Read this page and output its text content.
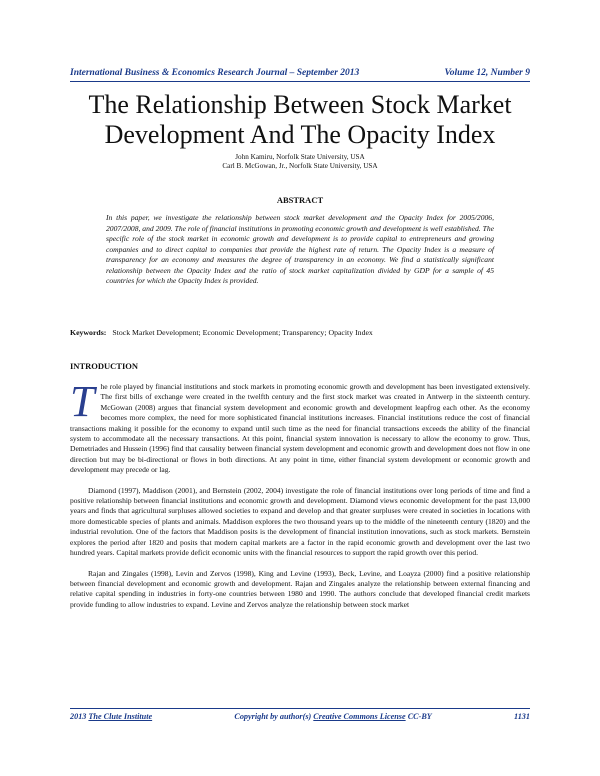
International Business & Economics Research Journal – September 2013	Volume 12, Number 9
The Relationship Between Stock Market Development And The Opacity Index
John Kamiru, Norfolk State University, USA
Carl B. McGowan, Jr., Norfolk State University, USA
ABSTRACT
In this paper, we investigate the relationship between stock market development and the Opacity Index for 2005/2006, 2007/2008, and 2009. The role of financial institutions in promoting economic growth and development is well established. The specific role of the stock market in economic growth and development is to provide capital to entrepreneurs and growing companies and to direct capital to companies that provide the highest rate of return. The Opacity Index is a measure of transparency for an economy and measures the degree of transparency in an economy. We find a statistically significant relationship between the Opacity Index and the ratio of stock market capitalization divided by GDP for a sample of 45 countries for which the Opacity Index is provided.
Keywords: Stock Market Development; Economic Development; Transparency; Opacity Index
INTRODUCTION

T he role played by financial institutions and stock markets in promoting economic growth and development has been investigated extensively. The first bills of exchange were created in the twelfth century and the first stock market was created in Antwerp in the sixteenth century. McGowan (2008) argues that financial system development and economic growth and development leapfrog each other. As the economy becomes more complex, the need for more sophisticated financial institutions increases. Financial institutions reduce the cost of financial transactions making it possible for the economy to expand until such time as the need for financial transactions exceeds the ability of the financial system to accommodate all the necessary transactions. At this point, financial system innovation is necessary to allow the economy to grow. Thus, Demetriades and Hussein (1996) find that causality between financial system development and economic growth and development does not flow in one direction but may be bi-directional or flows in both directions. At any point in time, either financial system development or economic growth and development may precede or lag.

Diamond (1997), Maddison (2001), and Bernstein (2002, 2004) investigate the role of financial institutions over long periods of time and find a positive relationship between financial institutions and economic growth and development. Diamond views economic development for the past 13,000 years and finds that agricultural surpluses allowed societies to expand and develop and that greater surpluses were created in societies in locations with more domesticable species of plants and animals. Maddison explores the two thousand years up to the middle of the nineteenth century (1820) and the industrial revolution. One of the factors that Maddison posits is the development of financial institution innovations, such as stock markets. Bernstein explores the period after 1820 and posits that modern capital markets are a factor in the rapid economic growth and development over the last two hundred years. Capital markets provide deficit economic units with the financial resources to support the rapid growth over this period.

Rajan and Zingales (1998), Levin and Zervos (1998), King and Levine (1993), Beck, Levine, and Loayza (2000) find a positive relationship between financial development and economic growth and development. Rajan and Zingales analyze the relationship between external financing and relative capital spending in industries in forty-one countries between 1980 and 1990. The authors conclude that developed financial credit markets provide funding to allow industries to expand. Levine and Zervos analyze the relationship between stock market

2013 The Clute Institute	Copyright by author(s) Creative Commons License CC-BY	1131
